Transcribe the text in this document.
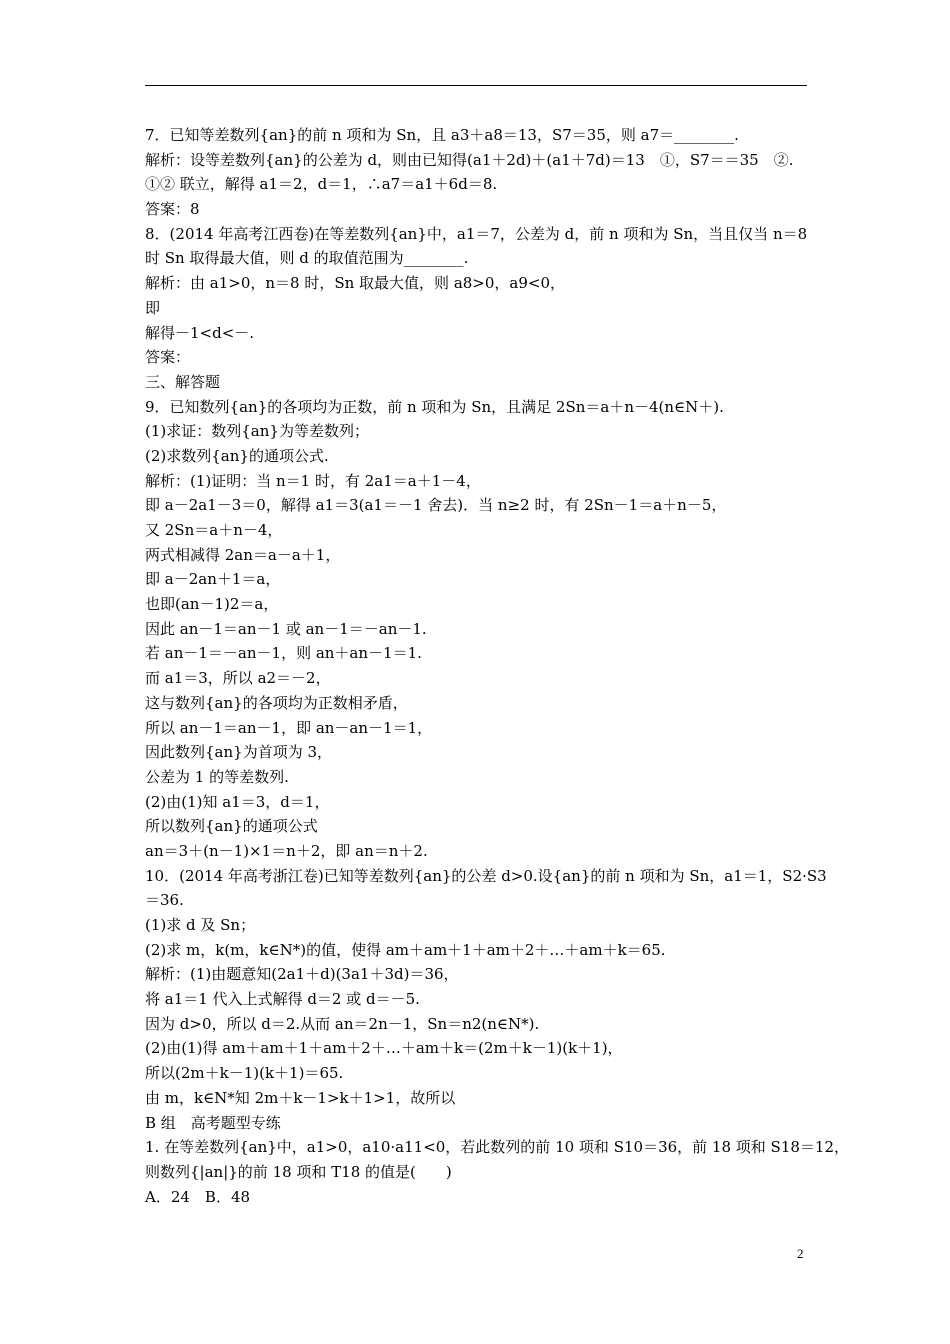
7．已知等差数列{an}的前 n 项和为 Sn，且 a3＋a8＝13，S7＝35，则 a7＝________.
解析：设等差数列{an}的公差为 d，则由已知得(a1＋2d)＋(a1＋7d)＝13　①，S7＝＝35　②.
①② 联立，解得 a1＝2，d＝1，∴a7＝a1＋6d＝8.
答案：8
8．(2014 年高考江西卷)在等差数列{an}中，a1＝7，公差为 d，前 n 项和为 Sn，当且仅当 n＝8
时 Sn 取得最大值，则 d 的取值范围为________.
解析：由 a1>0，n＝8 时，Sn 取最大值，则 a8>0，a9<0，
即
解得－1<d<－.
答案：
三、解答题
9．已知数列{an}的各项均为正数，前 n 项和为 Sn，且满足 2Sn＝a＋n－4(n∈N＋).
(1)求证：数列{an}为等差数列；
(2)求数列{an}的通项公式.
解析：(1)证明：当 n＝1 时，有 2a1＝a＋1－4，
即 a－2a1－3＝0，解得 a1＝3(a1＝－1 舍去)．当 n≥2 时，有 2Sn－1＝a＋n－5，
又 2Sn＝a＋n－4，
两式相减得 2an＝a－a＋1，
即 a－2an＋1＝a，
也即(an－1)2＝a，
因此 an－1＝an－1 或 an－1＝－an－1.
若 an－1＝－an－1，则 an＋an－1＝1.
而 a1＝3，所以 a2＝－2，
这与数列{an}的各项均为正数相矛盾，
所以 an－1＝an－1，即 an－an－1＝1，
因此数列{an}为首项为 3，
公差为 1 的等差数列.
(2)由(1)知 a1＝3，d＝1，
所以数列{an}的通项公式
an＝3＋(n－1)×1＝n＋2，即 an＝n＋2.
10．(2014 年高考浙江卷)已知等差数列{an}的公差 d>0.设{an}的前 n 项和为 Sn，a1＝1，S2·S3
＝36.
(1)求 d 及 Sn；
(2)求 m，k(m，k∈N*)的值，使得 am＋am＋1＋am＋2＋…＋am＋k＝65.
解析：(1)由题意知(2a1＋d)(3a1＋3d)＝36，
将 a1＝1 代入上式解得 d＝2 或 d＝－5.
因为 d>0，所以 d＝2.从而 an＝2n－1，Sn＝n2(n∈N*).
(2)由(1)得 am＋am＋1＋am＋2＋…＋am＋k＝(2m＋k－1)(k＋1)，
所以(2m＋k－1)(k＋1)＝65.
由 m，k∈N*知 2m＋k－1>k＋1>1，故所以
B 组　高考题型专练
1. 在等差数列{an}中，a1>0，a10·a11<0，若此数列的前 10 项和 S10＝36，前 18 项和 S18＝12，
则数列{|an|}的前 18 项和 T18 的值是(　　)
A．24　B．48
2
